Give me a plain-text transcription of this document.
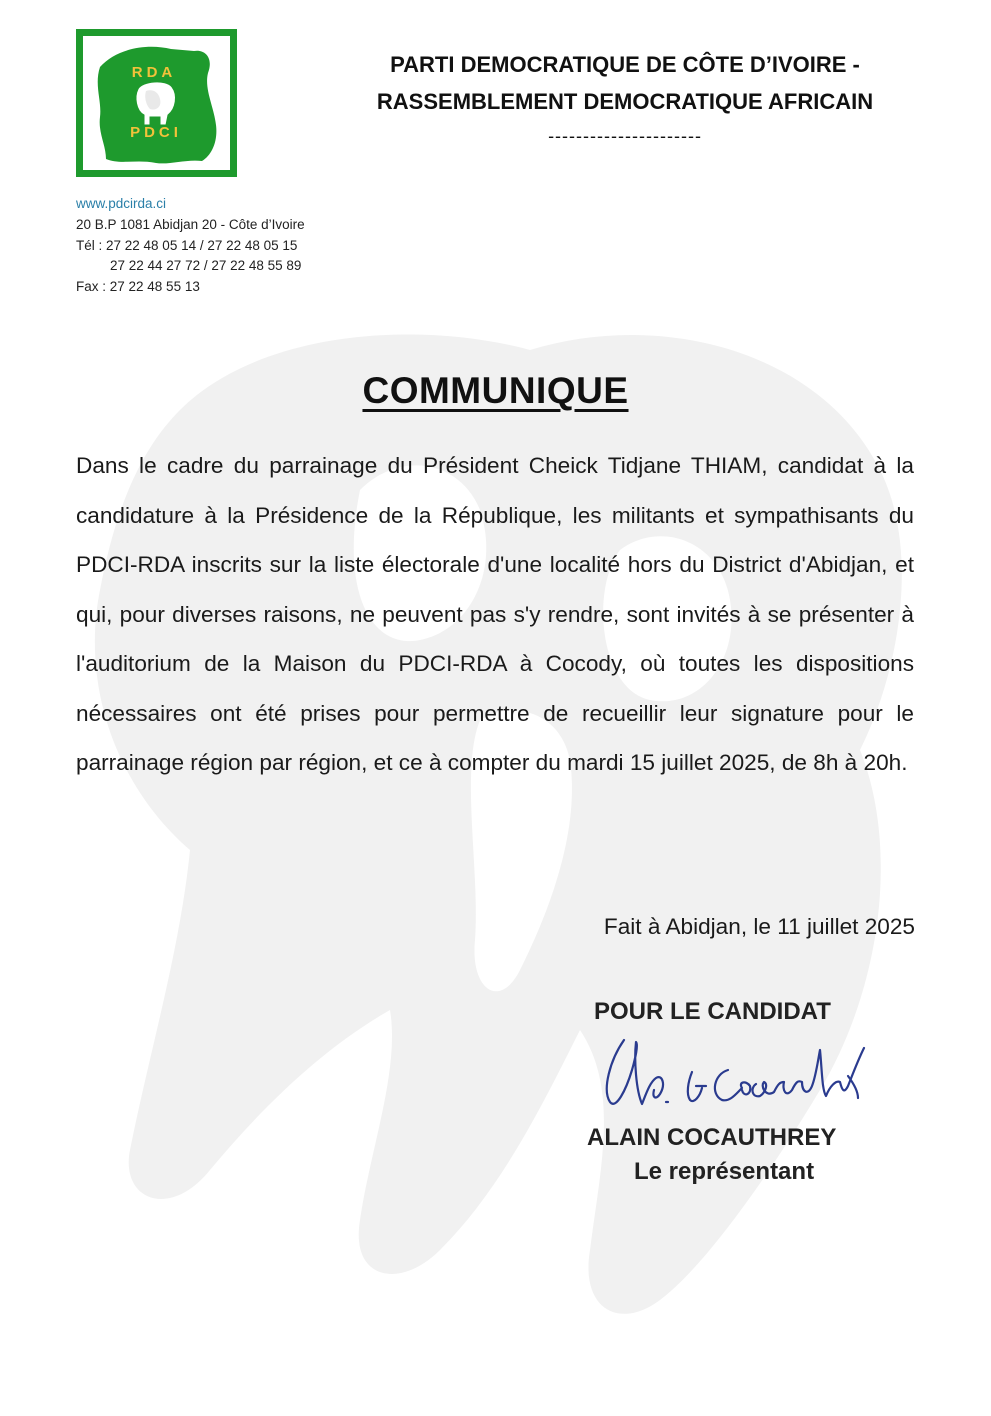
RDA
PDCI
PARTI DEMOCRATIQUE DE CÔTE D’IVOIRE -
RASSEMBLEMENT DEMOCRATIQUE AFRICAIN
----------------------
www.pdcirda.ci
20 B.P 1081 Abidjan 20 - Côte d’Ivoire
Tél : 27 22 48 05 14 / 27 22 48 05 15
27 22 44 27 72 / 27 22 48 55 89
Fax : 27 22 48 55 13
COMMUNIQUE
Dans le cadre du parrainage du Président Cheick Tidjane THIAM, candidat à la candidature à la Présidence de la République, les militants et sympathisants du PDCI-RDA inscrits sur la liste électorale d'une localité hors du District d'Abidjan, et qui, pour diverses raisons, ne peuvent pas s'y rendre, sont invités à se présenter à l'auditorium de la Maison du PDCI-RDA à Cocody, où toutes les dispositions nécessaires ont été prises pour permettre de recueillir leur signature pour le parrainage région par région, et ce à compter du mardi 15 juillet 2025, de 8h à 20h.
Fait à Abidjan, le 11 juillet 2025
POUR LE CANDIDAT
ALAIN COCAUTHREY
Le représentant
